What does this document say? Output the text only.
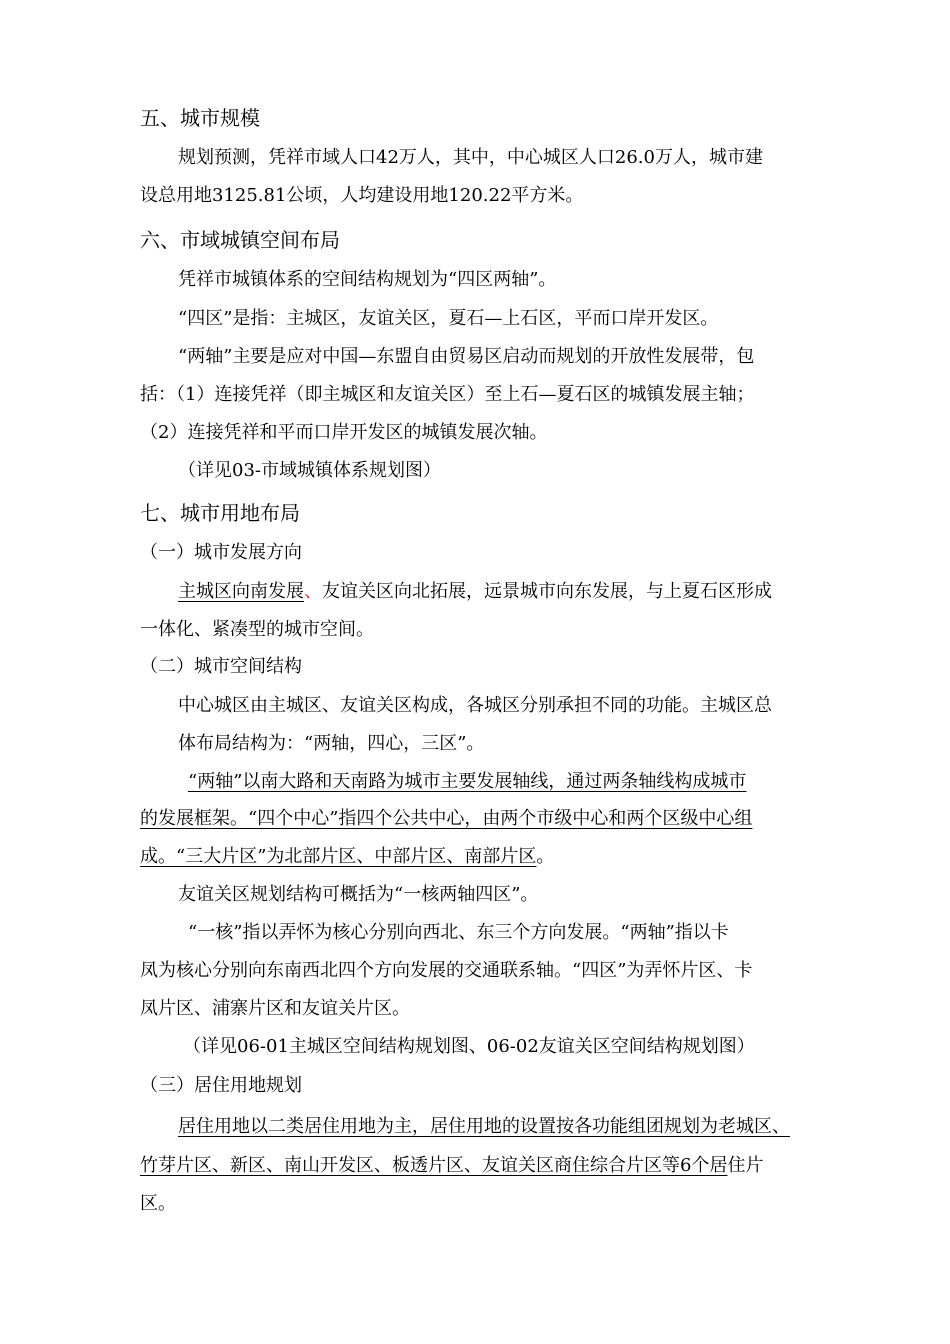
五、城市规模
规划预测，凭祥市域人口42万人，其中，中心城区人口26.0万人，城市建
设总用地3125.81公顷，人均建设用地120.22平方米。
六、市域城镇空间布局
凭祥市城镇体系的空间结构规划为“四区两轴”。
“四区”是指：主城区，友谊关区，夏石—上石区，平而口岸开发区。
“两轴”主要是应对中国—东盟自由贸易区启动而规划的开放性发展带，包
括：（1）连接凭祥（即主城区和友谊关区）至上石—夏石区的城镇发展主轴；
（2）连接凭祥和平而口岸开发区的城镇发展次轴。
（详见03-市域城镇体系规划图）
七、城市用地布局
（一）城市发展方向
主城区向南发展、友谊关区向北拓展，远景城市向东发展，与上夏石区形成
一体化、紧凑型的城市空间。
（二）城市空间结构
中心城区由主城区、友谊关区构成，各城区分别承担不同的功能。主城区总
体布局结构为：“两轴，四心，三区”。
“两轴”以南大路和天南路为城市主要发展轴线，通过两条轴线构成城市
的发展框架。“四个中心”指四个公共中心，由两个市级中心和两个区级中心组
成。“三大片区”为北部片区、中部片区、南部片区。
友谊关区规划结构可概括为“一核两轴四区”。
“一核”指以弄怀为核心分别向西北、东三个方向发展。“两轴”指以卡
凤为核心分别向东南西北四个方向发展的交通联系轴。“四区”为弄怀片区、卡
凤片区、浦寨片区和友谊关片区。
（详见06-01主城区空间结构规划图、06-02友谊关区空间结构规划图）
（三）居住用地规划
居住用地以二类居住用地为主，居住用地的设置按各功能组团规划为老城区、
竹芽片区、新区、南山开发区、板透片区、友谊关区商住综合片区等6个居住片
区。
